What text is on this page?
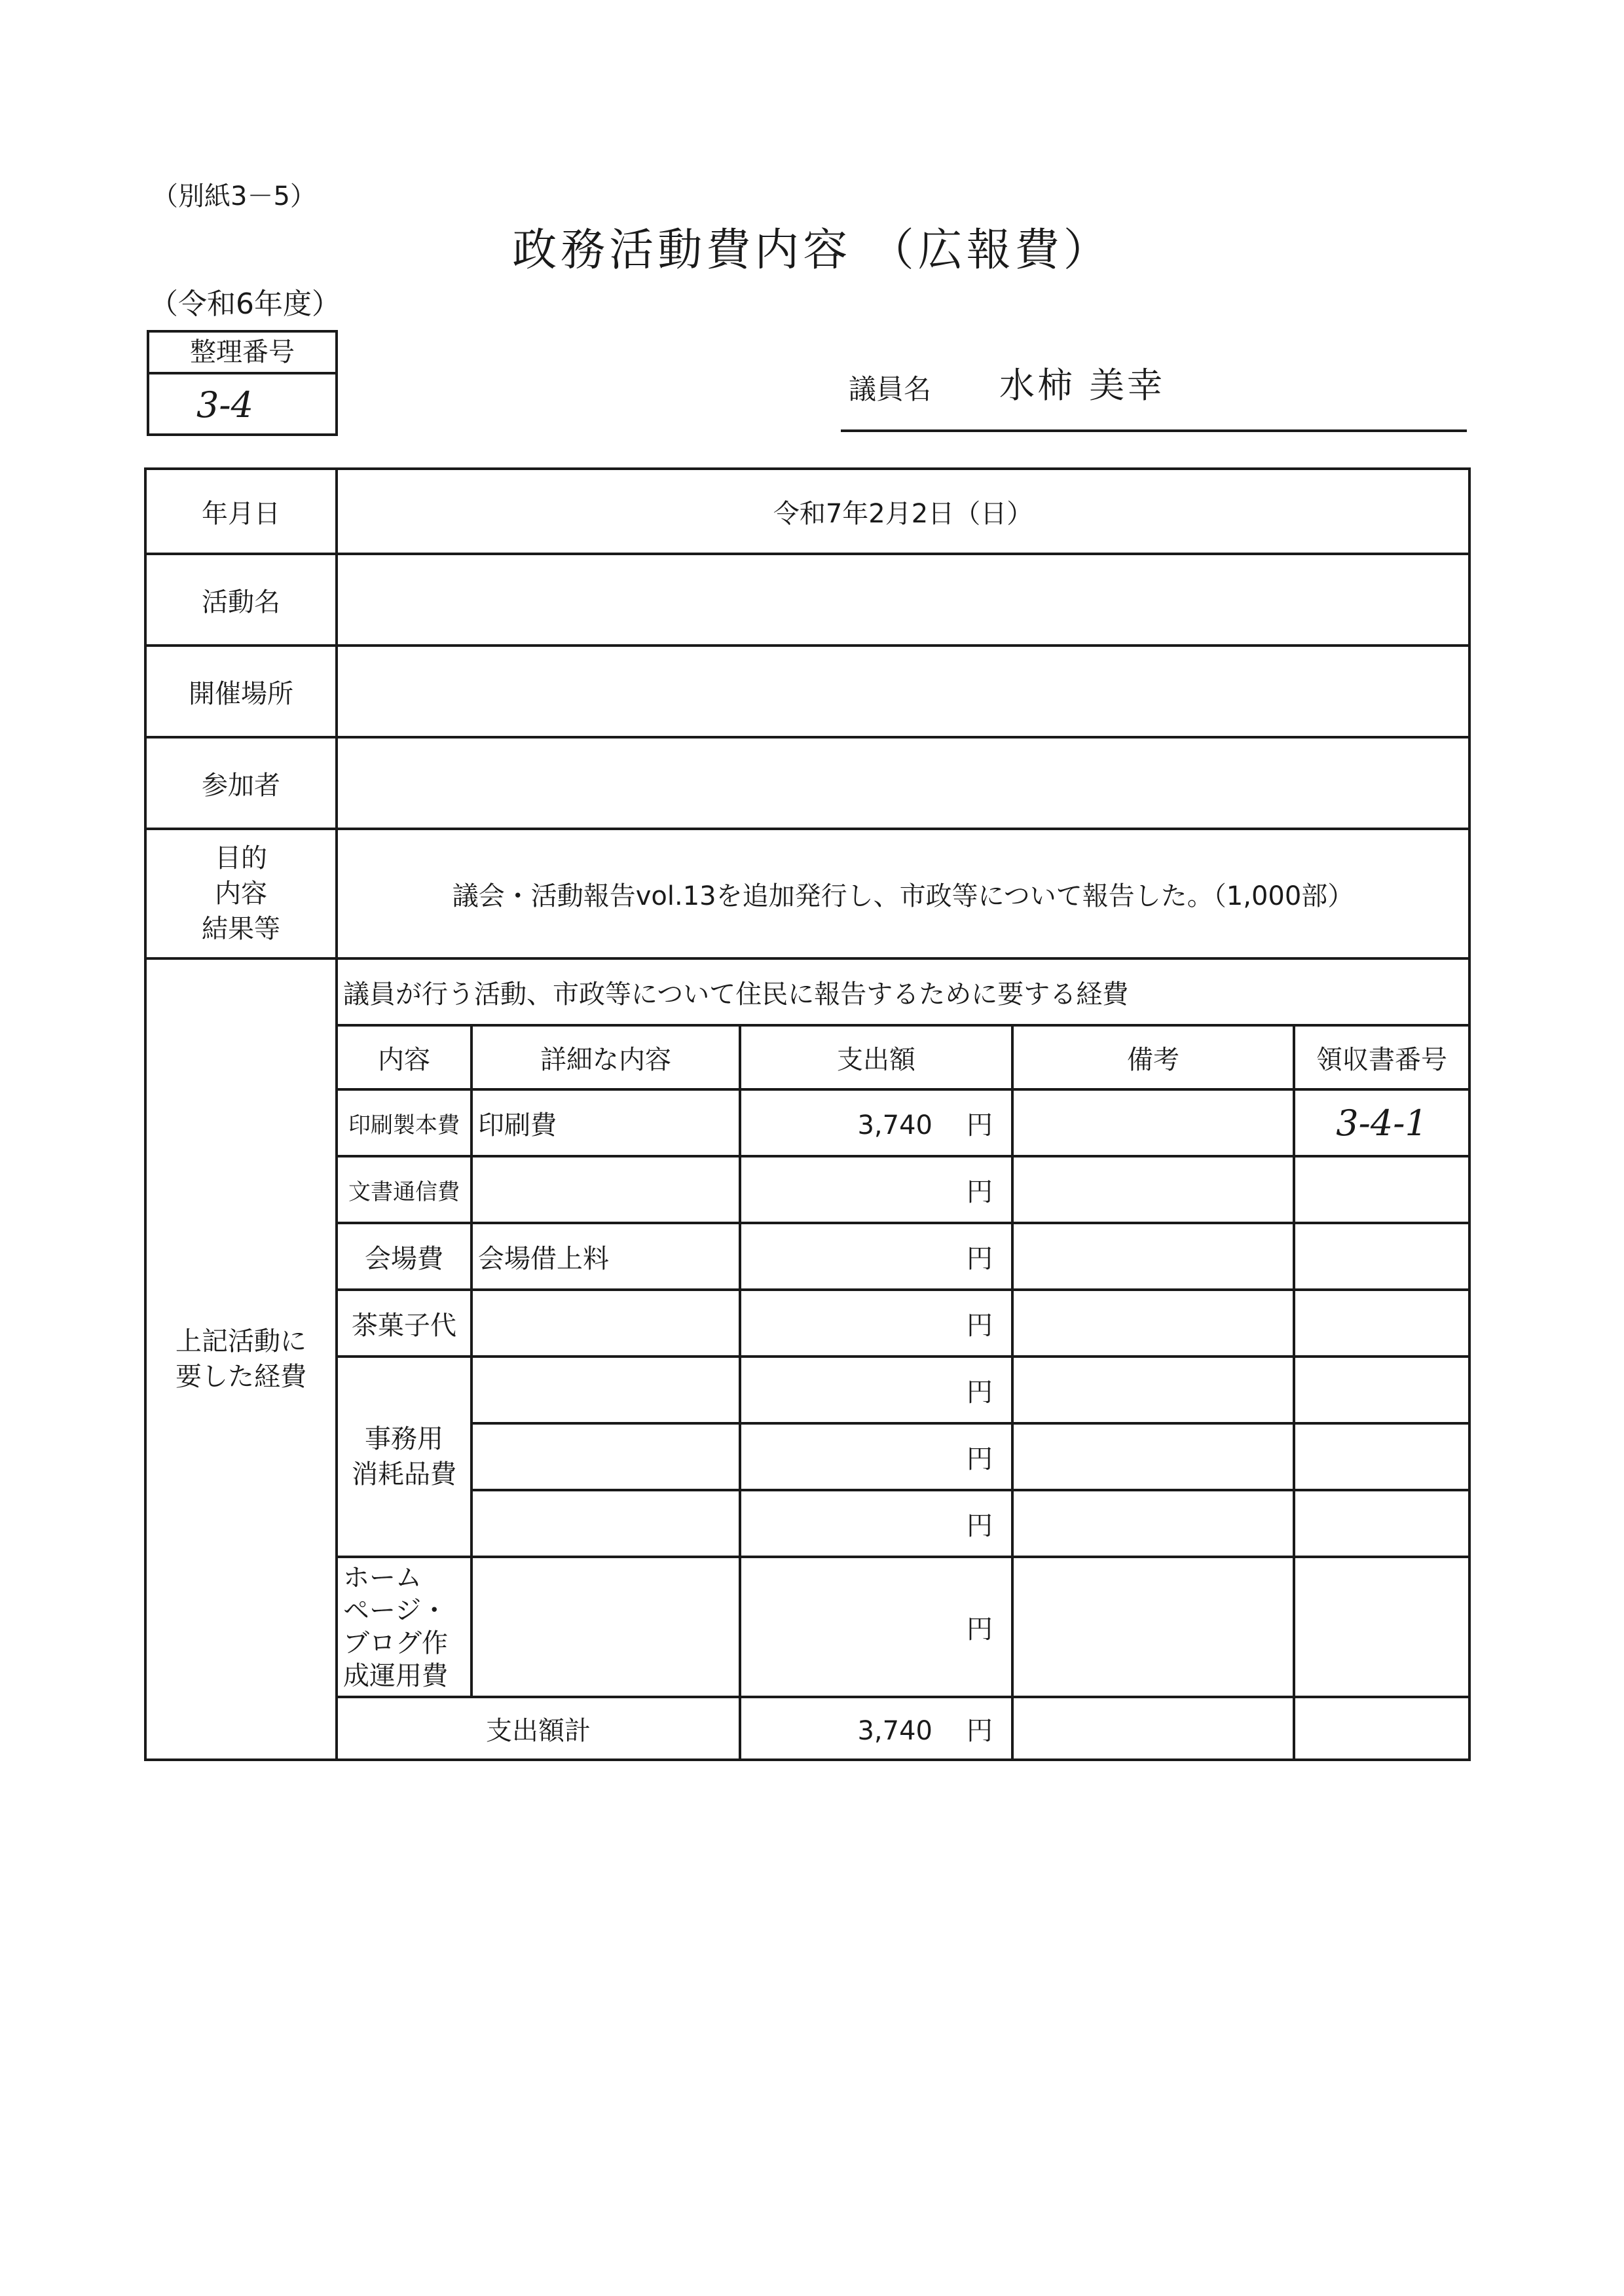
（別紙3－5）
政務活動費内容 （広報費）
（令和6年度）
整理番号
3-4	議員名 水柿 美幸
年月日	令和7年2月2日（日）				
活動名					
開催場所					
参加者					

目的
内容
結果等	議会・活動報告vol.13を追加発行し、市政等について報告した。（1,000部）				

上記活動に
要した経費	議員が行う活動、市政等について住民に報告するために要する経費				
	内容	詳細な内容	支出額	備考	領収書番号
	印刷製本費	印刷費	3,740 円		3-4-1
	文書通信費		円		
	会場費	会場借上料	円		
	茶菓子代		円		

	事務用
消耗品費		円		
			円		
			円		

	ホーム
ページ・
ブログ作
成運用費		円		
	支出額計		3,740 円		
